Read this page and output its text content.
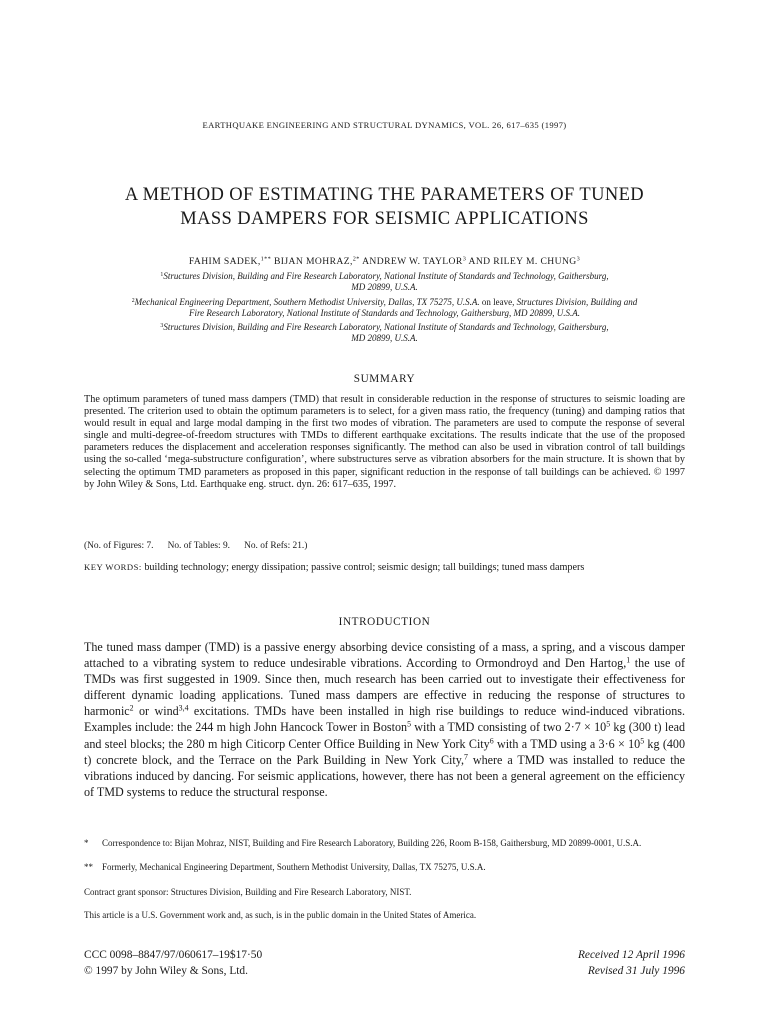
EARTHQUAKE ENGINEERING AND STRUCTURAL DYNAMICS, VOL. 26, 617–635 (1997)
A METHOD OF ESTIMATING THE PARAMETERS OF TUNED
MASS DAMPERS FOR SEISMIC APPLICATIONS
FAHIM SADEK,$^{1**}$ BIJAN MOHRAZ,$^{2*}$ ANDREW W. TAYLOR$^3$ AND RILEY M. CHUNG$^3$
$^1$Structures Division, Building and Fire Research Laboratory, National Institute of Standards and Technology, Gaithersburg,
MD 20899, U.S.A.
$^2$Mechanical Engineering Department, Southern Methodist University, Dallas, TX 75275, U.S.A. on leave, Structures Division, Building and
Fire Research Laboratory, National Institute of Standards and Technology, Gaithersburg, MD 20899, U.S.A.
$^3$Structures Division, Building and Fire Research Laboratory, National Institute of Standards and Technology, Gaithersburg,
MD 20899, U.S.A.
SUMMARY
The optimum parameters of tuned mass dampers (TMD) that result in considerable reduction in the response of structures to seismic loading are presented. The criterion used to obtain the optimum parameters is to select, for a given mass ratio, the frequency (tuning) and damping ratios that would result in equal and large modal damping in the first two modes of vibration. The parameters are used to compute the response of several single and multi-degree-of-freedom structures with TMDs to different earthquake excitations. The results indicate that the use of the proposed parameters reduces the displacement and acceleration responses significantly. The method can also be used in vibration control of tall buildings using the so-called ‘mega-substructure configuration’, where substructures serve as vibration absorbers for the main structure. It is shown that by selecting the optimum TMD parameters as proposed in this paper, significant reduction in the response of tall buildings can be achieved. © 1997 by John Wiley & Sons, Ltd. Earthquake eng. struct. dyn. 26: 617–635, 1997.
(No. of Figures: 7.      No. of Tables: 9.      No. of Refs: 21.)
KEY WORDS: building technology; energy dissipation; passive control; seismic design; tall buildings; tuned mass dampers
INTRODUCTION
The tuned mass damper (TMD) is a passive energy absorbing device consisting of a mass, a spring, and a viscous damper attached to a vibrating system to reduce undesirable vibrations. According to Ormondroyd and Den Hartog,$^1$ the use of TMDs was first suggested in 1909. Since then, much research has been carried out to investigate their effectiveness for different dynamic loading applications. Tuned mass dampers are effective in reducing the response of structures to harmonic$^2$ or wind$^{3,4}$ excitations. TMDs have been installed in high rise buildings to reduce wind-induced vibrations. Examples include: the 244 m high John Hancock Tower in Boston$^5$ with a TMD consisting of two $2\cdot 7 \times 10^5$ kg (300 t) lead and steel blocks; the 280 m high Citicorp Center Office Building in New York City$^6$ with a TMD using a $3\cdot 6 \times 10^5$ kg (400 t) concrete block, and the Terrace on the Park Building in New York City,$^7$ where a TMD was installed to reduce the vibrations induced by dancing. For seismic applications, however, there has not been a general agreement on the efficiency of TMD systems to reduce the structural response.
* Correspondence to: Bijan Mohraz, NIST, Building and Fire Research Laboratory, Building 226, Room B-158, Gaithersburg, MD 20899-0001, U.S.A.
** Formerly, Mechanical Engineering Department, Southern Methodist University, Dallas, TX 75275, U.S.A.
Contract grant sponsor: Structures Division, Building and Fire Research Laboratory, NIST.
This article is a U.S. Government work and, as such, is in the public domain in the United States of America.
CCC 0098–8847/97/060617–19$17·50
© 1997 by John Wiley & Sons, Ltd.
Received 12 April 1996
Revised 31 July 1996
